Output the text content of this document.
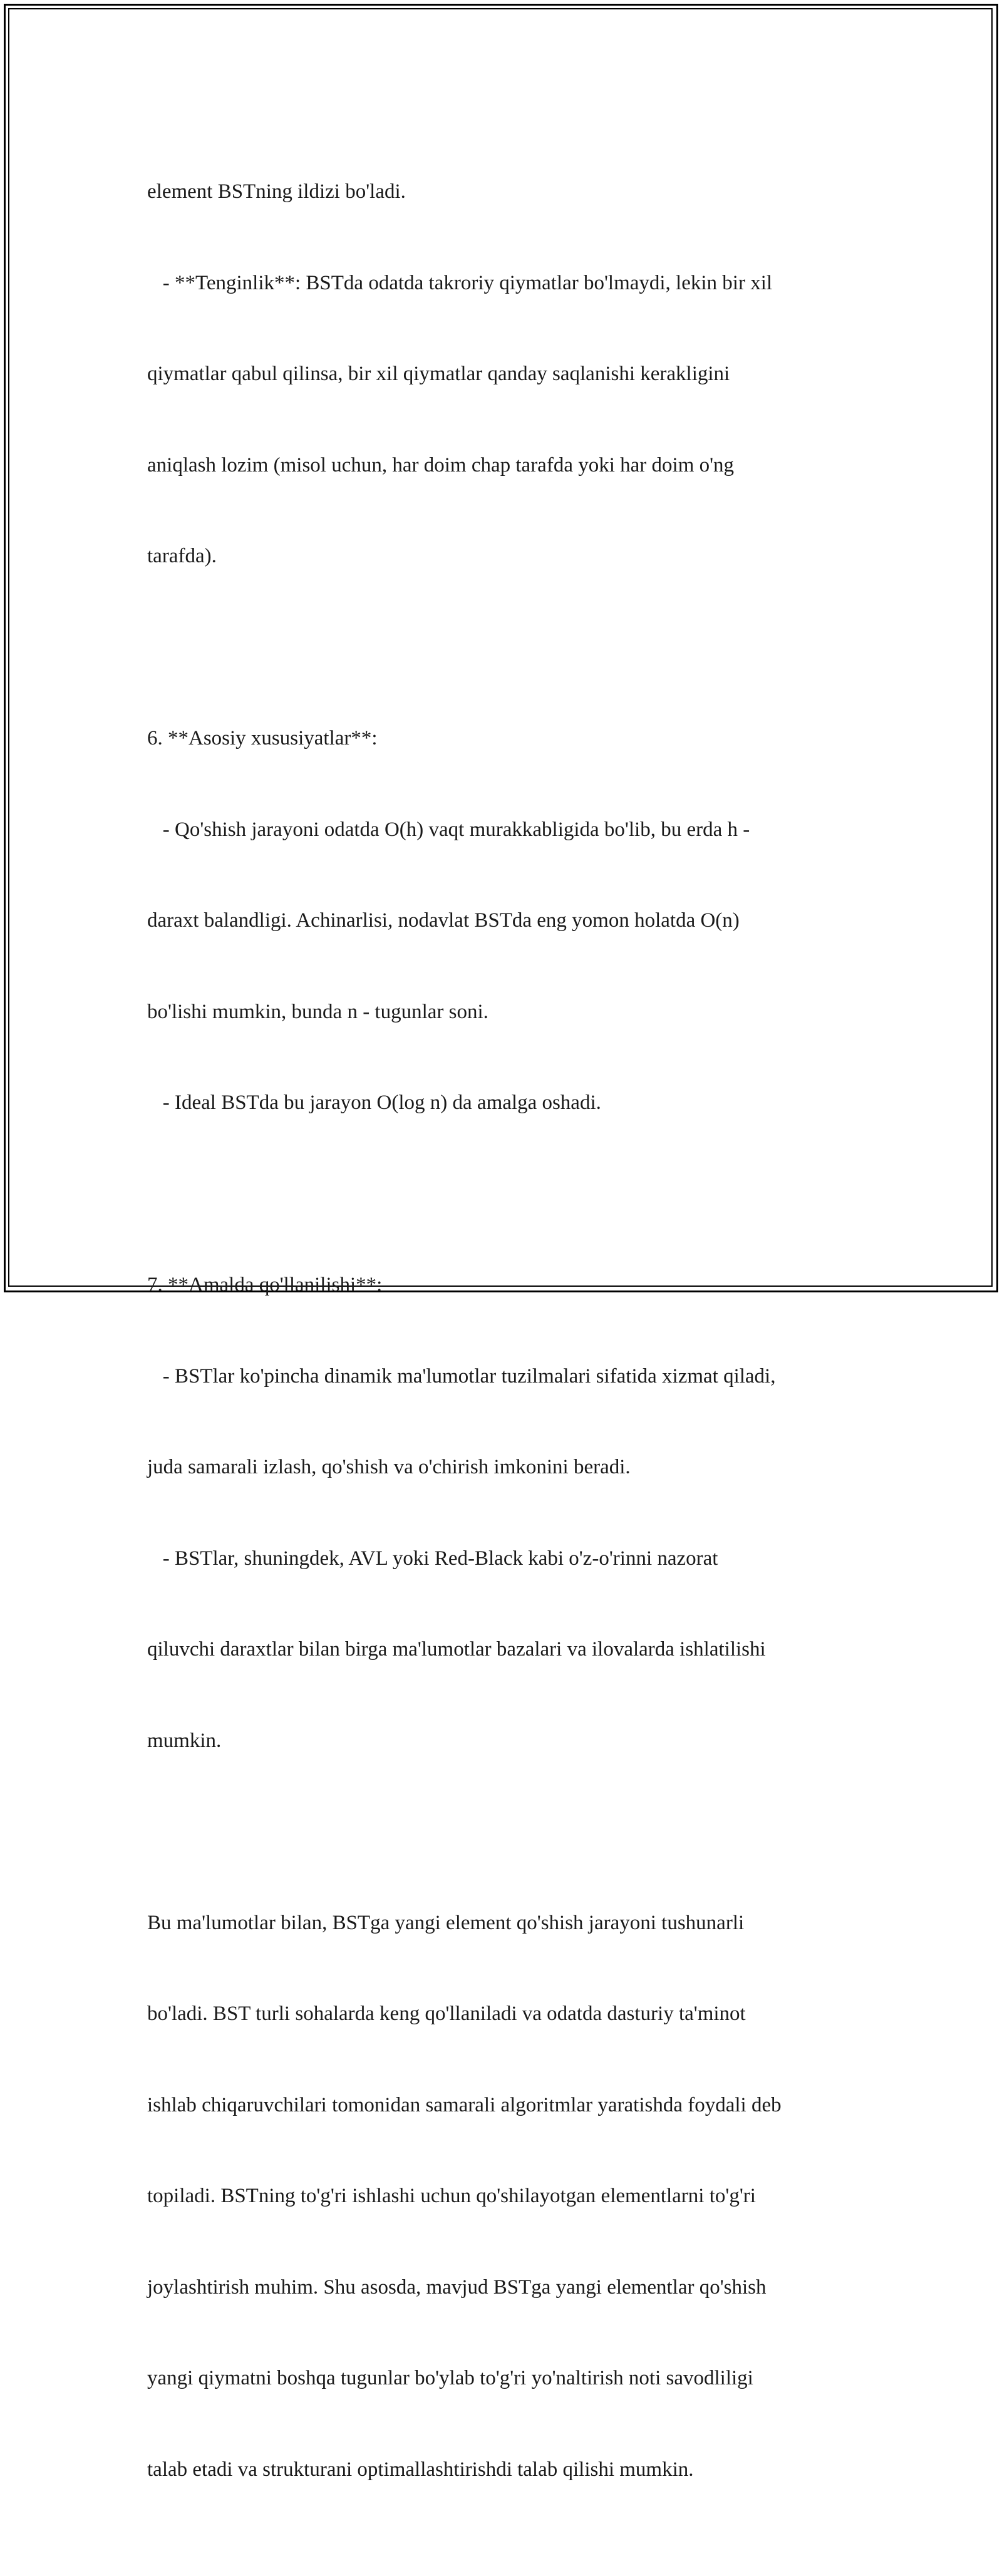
element BSTning ildizi bo'ladi.

- **Tenginlik**: BSTda odatda takroriy qiymatlar bo'lmaydi, lekin bir xil

qiymatlar qabul qilinsa, bir xil qiymatlar qanday saqlanishi kerakligini

aniqlash lozim (misol uchun, har doim chap tarafda yoki har doim o'ng

tarafda).

6. **Asosiy xususiyatlar**:

- Qo'shish jarayoni odatda O(h) vaqt murakkabligida bo'lib, bu erda h -

daraxt balandligi. Achinarlisi, nodavlat BSTda eng yomon holatda O(n)

bo'lishi mumkin, bunda n - tugunlar soni.

- Ideal BSTda bu jarayon O(log n) da amalga oshadi.

7. **Amalda qo'llanilishi**:

- BSTlar ko'pincha dinamik ma'lumotlar tuzilmalari sifatida xizmat qiladi,

juda samarali izlash, qo'shish va o'chirish imkonini beradi.

- BSTlar, shuningdek, AVL yoki Red-Black kabi o'z-o'rinni nazorat

qiluvchi daraxtlar bilan birga ma'lumotlar bazalari va ilovalarda ishlatilishi

mumkin.

Bu ma'lumotlar bilan, BSTga yangi element qo'shish jarayoni tushunarli

bo'ladi. BST turli sohalarda keng qo'llaniladi va odatda dasturiy ta'minot

ishlab chiqaruvchilari tomonidan samarali algoritmlar yaratishda foydali deb

topiladi. BSTning to'g'ri ishlashi uchun qo'shilayotgan elementlarni to'g'ri

joylashtirish muhim. Shu asosda, mavjud BSTga yangi elementlar qo'shish

yangi qiymatni boshqa tugunlar bo'ylab to'g'ri yo'naltirish noti savodliligi

talab etadi va strukturani optimallashtirishdi talab qilishi mumkin.
